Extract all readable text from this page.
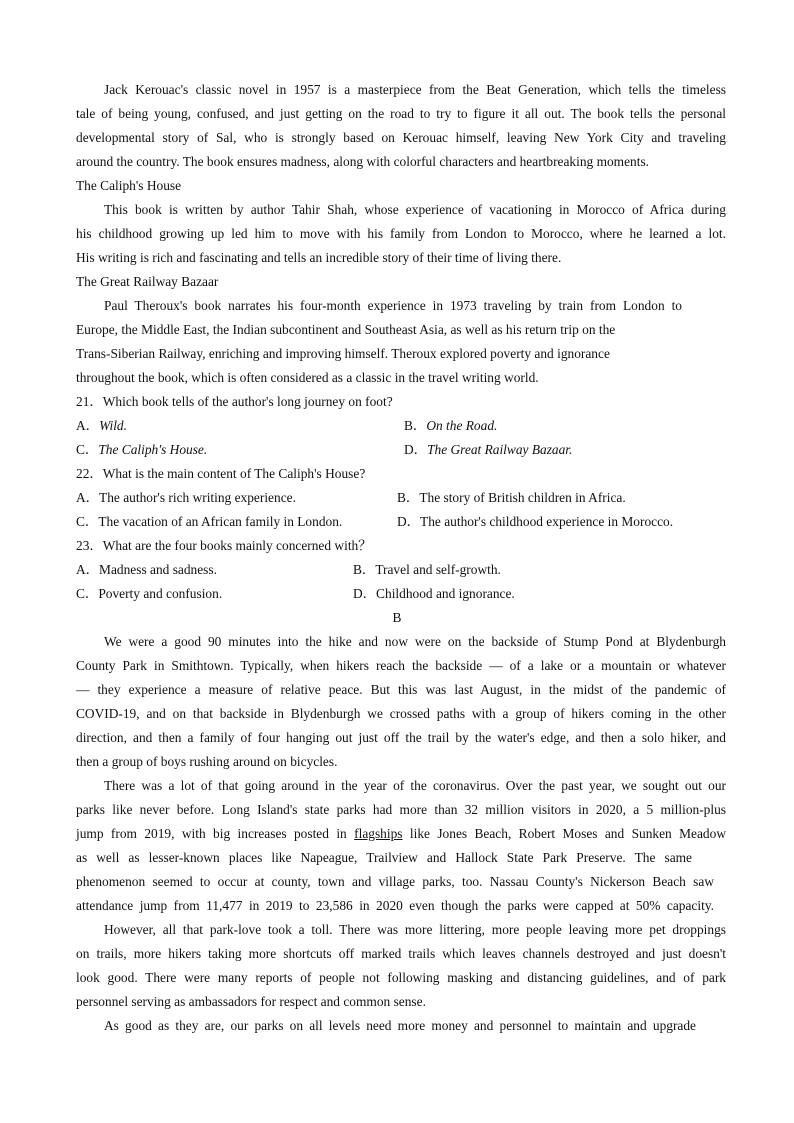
Jack Kerouac's classic novel in 1957 is a masterpiece from the Beat Generation, which tells the timeless
tale of being young, confused, and just getting on the road to try to figure it all out. The book tells the personal
developmental story of Sal, who is strongly based on Kerouac himself, leaving New York City and traveling
around the country. The book ensures madness, along with colorful characters and heartbreaking moments.
The Caliph's House
This book is written by author Tahir Shah, whose experience of vacationing in Morocco of Africa during
his childhood growing up led him to move with his family from London to Morocco, where he learned a lot.
His writing is rich and fascinating and tells an incredible story of their time of living there.
The Great Railway Bazaar
Paul Theroux's book narrates his four-month experience in 1973 traveling by train from London to
Europe, the Middle East, the Indian subcontinent and Southeast Asia, as well as his return trip on the
Trans-Siberian Railway, enriching and improving himself. Theroux explored poverty and ignorance
throughout the book, which is often considered as a classic in the travel writing world.
21．Which book tells of the author's long journey on foot?
A．Wild.	B．On the Road.
C．The Caliph's House.	D．The Great Railway Bazaar.
22．What is the main content of The Caliph's House?
A．The author's rich writing experience.	B．The story of British children in Africa.
C．The vacation of an African family in London.	D．The author's childhood experience in Morocco.
23．What are the four books mainly concerned with？
A．Madness and sadness.	B．Travel and self-growth.
C．Poverty and confusion.	D．Childhood and ignorance.
B
We were a good 90 minutes into the hike and now were on the backside of Stump Pond at Blydenburgh
County Park in Smithtown. Typically, when hikers reach the backside — of a lake or a mountain or whatever
— they experience a measure of relative peace. But this was last August, in the midst of the pandemic of
COVID-19, and on that backside in Blydenburgh we crossed paths with a group of hikers coming in the other
direction, and then a family of four hanging out just off the trail by the water's edge, and then a solo hiker, and
then a group of boys rushing around on bicycles.
There was a lot of that going around in the year of the coronavirus. Over the past year, we sought out our
parks like never before. Long Island's state parks had more than 32 million visitors in 2020, a 5 million-plus
jump from 2019, with big increases posted in flagships like Jones Beach, Robert Moses and Sunken Meadow
as well as lesser-known places like Napeague, Trailview and Hallock State Park Preserve. The same
phenomenon seemed to occur at county, town and village parks, too. Nassau County's Nickerson Beach saw
attendance jump from 11,477 in 2019 to 23,586 in 2020 even though the parks were capped at 50% capacity.
However, all that park-love took a toll. There was more littering, more people leaving more pet droppings
on trails, more hikers taking more shortcuts off marked trails which leaves channels destroyed and just doesn't
look good. There were many reports of people not following masking and distancing guidelines, and of park
personnel serving as ambassadors for respect and common sense.
As good as they are, our parks on all levels need more money and personnel to maintain and upgrade
